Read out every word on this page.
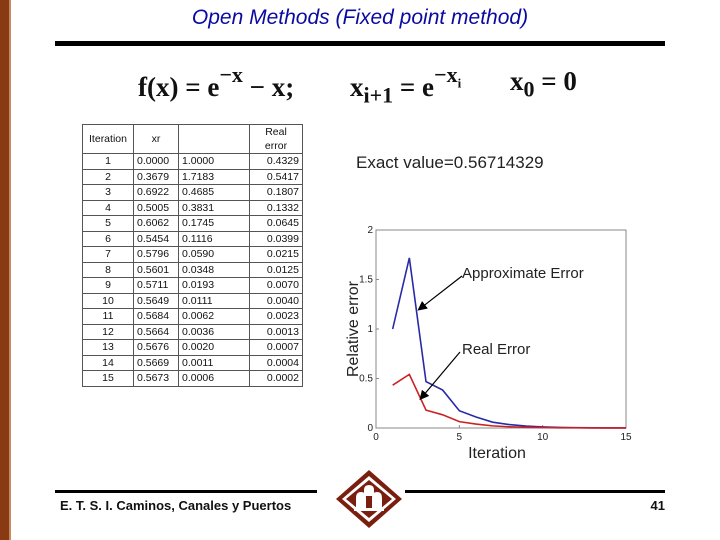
Open Methods (Fixed point method)
$f(x) = e^{-x} - x$; $x_{i+1} = e^{-x_i}$ $x_0 = 0$
Iteration	xr		Real error
1	0.0000	1.0000	0.4329
2	0.3679	1.7183	0.5417
3	0.6922	0.4685	0.1807
4	0.5005	0.3831	0.1332
5	0.6062	0.1745	0.0645
6	0.5454	0.1116	0.0399
7	0.5796	0.0590	0.0215
8	0.5601	0.0348	0.0125
9	0.5711	0.0193	0.0070
10	0.5649	0.0111	0.0040
11	0.5684	0.0062	0.0023
12	0.5664	0.0036	0.0013
13	0.5676	0.0020	0.0007
14	0.5669	0.0011	0.0004
15	0.5673	0.0006	0.0002
Exact value=0.56714329
0
0.5
1
1.5
2
0	5	10	15
Iteration
Relative error
Approximate Error
Real Error
E. T. S. I. Caminos, Canales y Puertos	41
